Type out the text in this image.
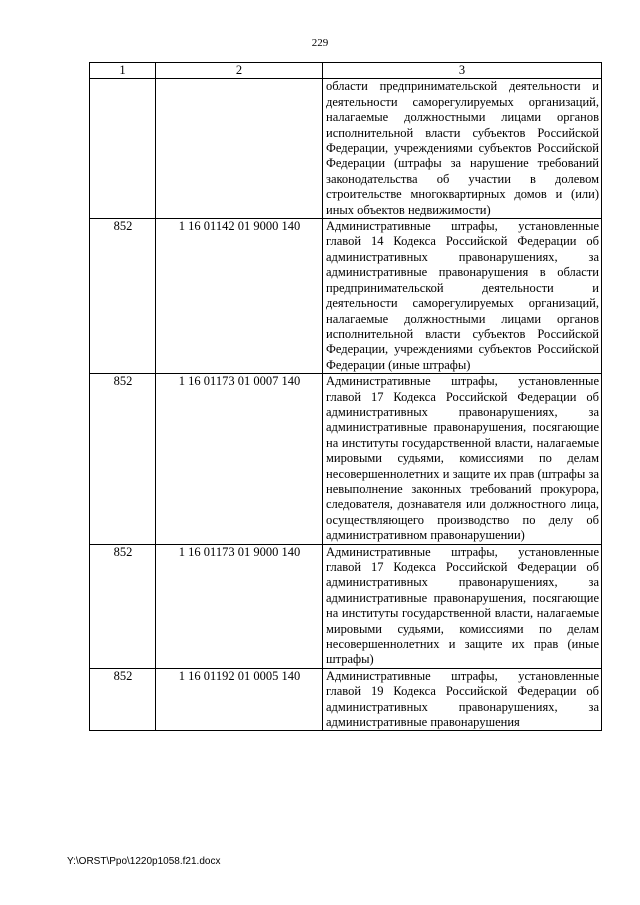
229
1	2	3
		области предпринимательской деятельности и деятельности саморегулируемых организаций, налагаемые должностными лицами органов исполнительной власти субъектов Российской Федерации, учреждениями субъектов Российской Федерации (штрафы за нарушение требований законодательства об участии в долевом строительстве многоквартирных домов и (или) иных объектов недвижимости)
852	1 16 01142 01 9000 140	Административные штрафы, установленные главой 14 Кодекса Российской Федерации об административных правонарушениях, за административные правонарушения в области предпринимательской деятельности и деятельности саморегулируемых организаций, налагаемые должностными лицами органов исполнительной власти субъектов Российской Федерации, учреждениями субъектов Российской Федерации (иные штрафы)
852	1 16 01173 01 0007 140	Административные штрафы, установленные главой 17 Кодекса Российской Федерации об административных правонарушениях, за административные правонарушения, посягающие на институты государственной власти, налагаемые мировыми судьями, комиссиями по делам несовершеннолетних и защите их прав (штрафы за невыполнение законных требований прокурора, следователя, дознавателя или должностного лица, осуществляющего производство по делу об административном правонарушении)
852	1 16 01173 01 9000 140	Административные штрафы, установленные главой 17 Кодекса Российской Федерации об административных правонарушениях, за административные правонарушения, посягающие на институты государственной власти, налагаемые мировыми судьями, комиссиями по делам несовершеннолетних и защите их прав (иные штрафы)
852	1 16 01192 01 0005 140	Административные штрафы, установленные главой 19 Кодекса Российской Федерации об административных правонарушениях, за административные правонарушения
Y:\ORST\Ppo\1220p1058.f21.docx
